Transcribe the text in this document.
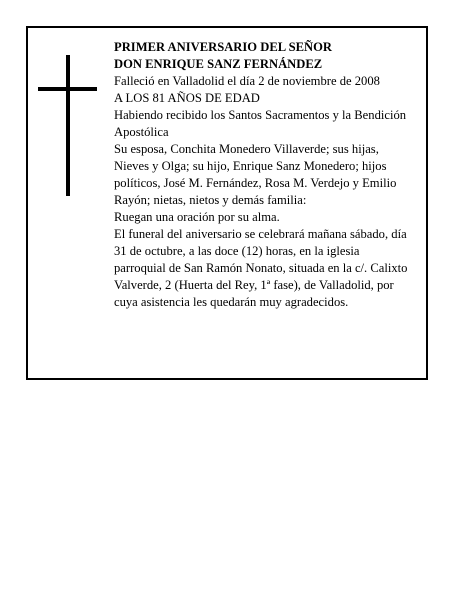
PRIMER ANIVERSARIO DEL SEÑOR
DON ENRIQUE SANZ FERNÁNDEZ
Falleció en Valladolid el día 2 de noviembre de 2008
A LOS 81 AÑOS DE EDAD
Habiendo recibido los Santos Sacramentos y la Bendición Apostólica
Su esposa, Conchita Monedero Villaverde; sus hijas, Nieves y Olga; su hijo, Enrique Sanz Monedero; hijos políticos, José M. Fernández, Rosa M. Verdejo y Emilio Rayón; nietas, nietos y demás familia:
Ruegan una oración por su alma.
El funeral del aniversario se celebrará mañana sábado, día 31 de octubre, a las doce (12) horas, en la iglesia parroquial de San Ramón Nonato, situada en la c/. Calixto Valverde, 2 (Huerta del Rey, 1ª fase), de Valladolid, por cuya asistencia les quedarán muy agradecidos.
